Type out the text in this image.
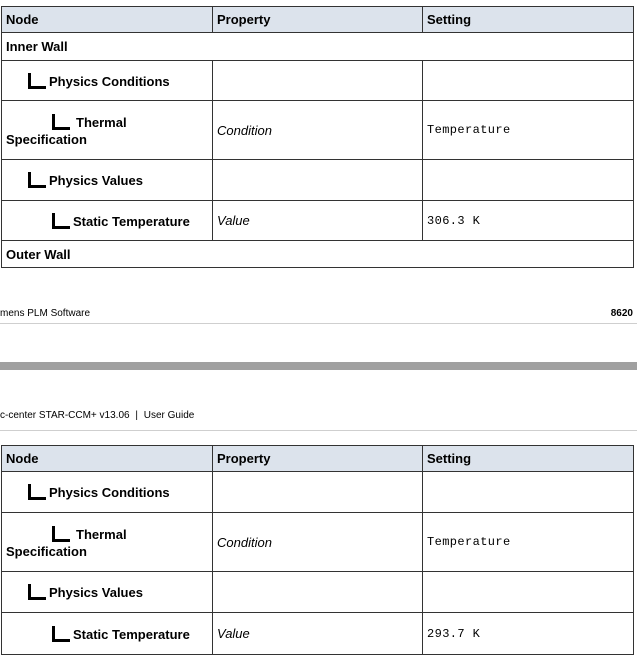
Node	Property	Setting
Inner Wall		

Physics Conditions		

Thermal
Specification	Condition	Temperature

Physics Values		

Static Temperature	Value	306.3 K
Outer Wall		
mens PLM Software	8620
c-center STAR-CCM+ v13.06 | User Guide
Node	Property	Setting

Physics Conditions		

Thermal
Specification	Condition	Temperature

Physics Values		

Static Temperature	Value	293.7 K
